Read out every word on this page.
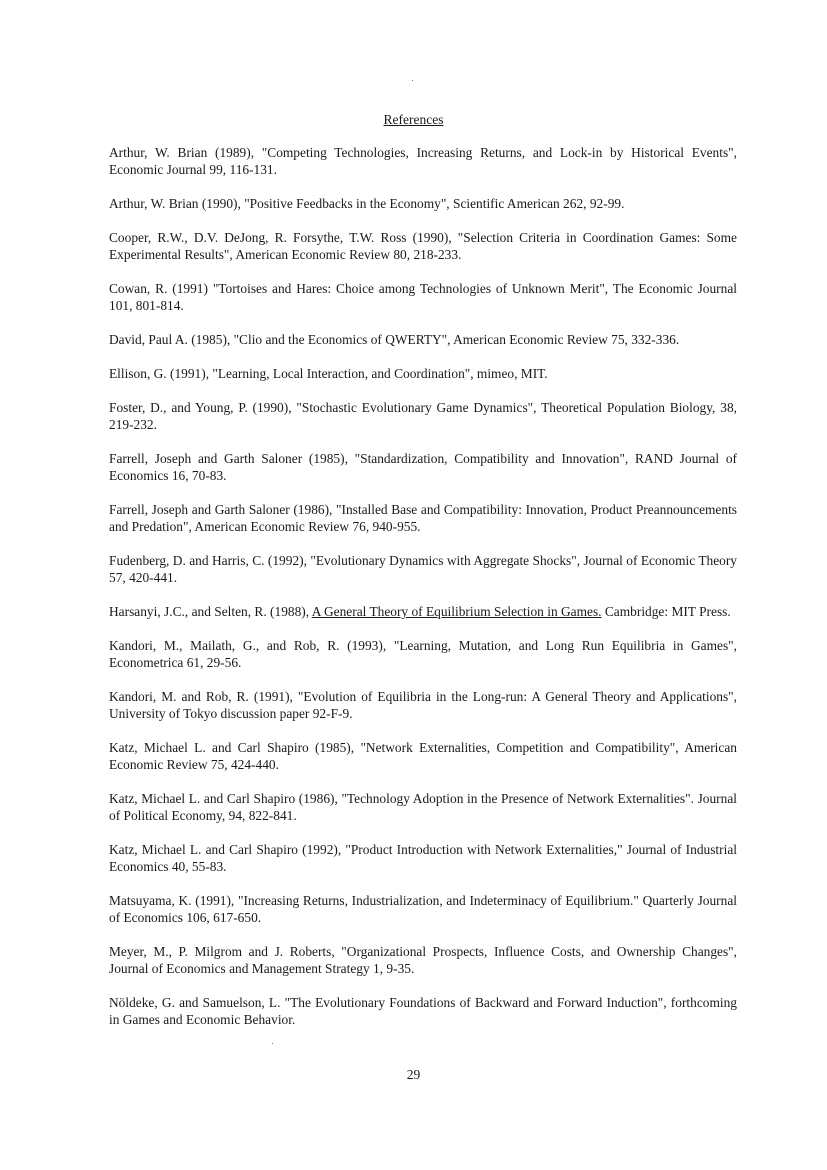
References
Arthur, W. Brian (1989), "Competing Technologies, Increasing Returns, and Lock-in by Historical Events", Economic Journal 99, 116-131.
Arthur, W. Brian (1990), "Positive Feedbacks in the Economy", Scientific American 262, 92-99.
Cooper, R.W., D.V. DeJong, R. Forsythe, T.W. Ross (1990), "Selection Criteria in Coordination Games: Some Experimental Results", American Economic Review 80, 218-233.
Cowan, R. (1991) "Tortoises and Hares: Choice among Technologies of Unknown Merit", The Economic Journal 101, 801-814.
David, Paul A. (1985), "Clio and the Economics of QWERTY", American Economic Review 75, 332-336.
Ellison, G. (1991), "Learning, Local Interaction, and Coordination", mimeo, MIT.
Foster, D., and Young, P. (1990), "Stochastic Evolutionary Game Dynamics", Theoretical Population Biology, 38, 219-232.
Farrell, Joseph and Garth Saloner (1985), "Standardization, Compatibility and Innovation", RAND Journal of Economics 16, 70-83.
Farrell, Joseph and Garth Saloner (1986), "Installed Base and Compatibility: Innovation, Product Preannouncements and Predation", American Economic Review 76, 940-955.
Fudenberg, D. and Harris, C. (1992), "Evolutionary Dynamics with Aggregate Shocks", Journal of Economic Theory 57, 420-441.
Harsanyi, J.C., and Selten, R. (1988), A General Theory of Equilibrium Selection in Games. Cambridge: MIT Press.
Kandori, M., Mailath, G., and Rob, R. (1993), "Learning, Mutation, and Long Run Equilibria in Games", Econometrica 61, 29-56.
Kandori, M. and Rob, R. (1991), "Evolution of Equilibria in the Long-run: A General Theory and Applications", University of Tokyo discussion paper 92-F-9.
Katz, Michael L. and Carl Shapiro (1985), "Network Externalities, Competition and Compatibility", American Economic Review 75, 424-440.
Katz, Michael L. and Carl Shapiro (1986), "Technology Adoption in the Presence of Network Externalities". Journal of Political Economy, 94, 822-841.
Katz, Michael L. and Carl Shapiro (1992), "Product Introduction with Network Externalities," Journal of Industrial Economics 40, 55-83.
Matsuyama, K. (1991), "Increasing Returns, Industrialization, and Indeterminacy of Equilibrium." Quarterly Journal of Economics 106, 617-650.
Meyer, M., P. Milgrom and J. Roberts, "Organizational Prospects, Influence Costs, and Ownership Changes", Journal of Economics and Management Strategy 1, 9-35.
Nöldeke, G. and Samuelson, L. "The Evolutionary Foundations of Backward and Forward Induction", forthcoming in Games and Economic Behavior.
29
